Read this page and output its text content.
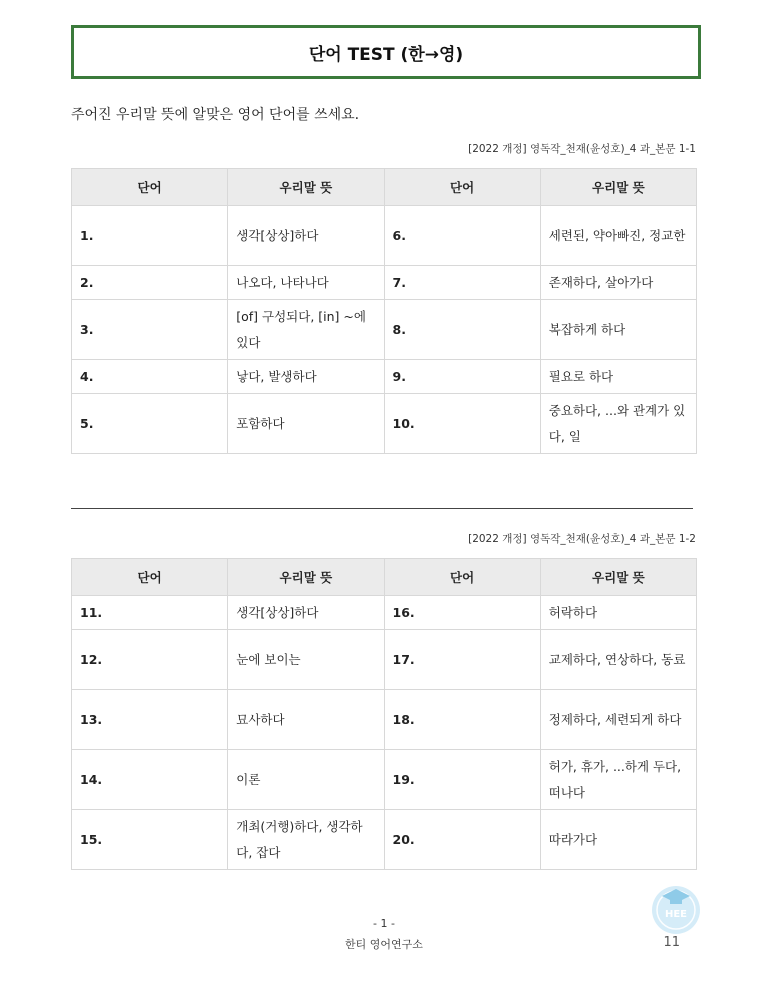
단어 TEST (한→영)
주어진 우리말 뜻에 알맞은 영어 단어를 쓰세요.
[2022 개정] 영독작_천재(윤성호)_4 과_본문 1-1
단어	우리말 뜻	단어	우리말 뜻
1.	생각[상상]하다	6.	세련된, 약아빠진, 정교한
2.	나오다, 나타나다	7.	존재하다, 살아가다
3.	[of] 구성되다, [in] ~에 있다	8.	복잡하게 하다
4.	낳다, 발생하다	9.	필요로 하다
5.	포함하다	10.	중요하다, ...와 관계가 있다, 일
[2022 개정] 영독작_천재(윤성호)_4 과_본문 1-2
단어	우리말 뜻	단어	우리말 뜻
11.	생각[상상]하다	16.	허락하다
12.	눈에 보이는	17.	교제하다, 연상하다, 동료
13.	묘사하다	18.	정제하다, 세련되게 하다
14.	이론	19.	허가, 휴가, ...하게 두다, 떠나다
15.	개최(거행)하다, 생각하다, 잡다	20.	따라가다
- 1 -
한티 영어연구소
HEE
11
